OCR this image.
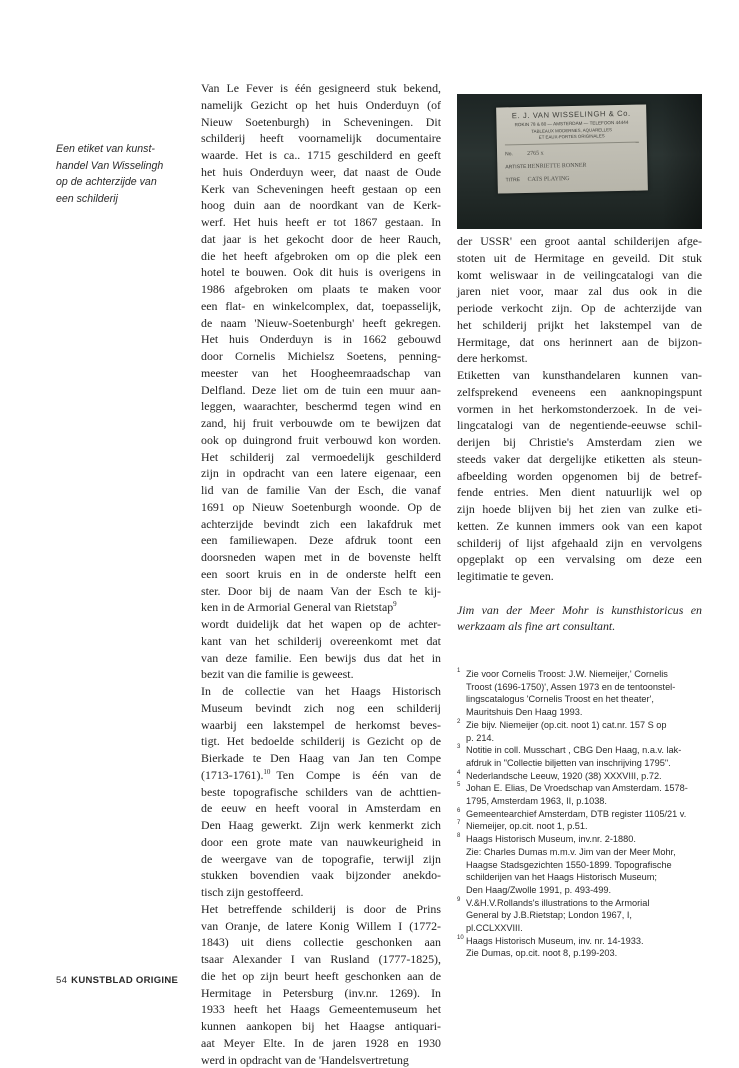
Een etiket van kunst-
handel Van Wisselingh
op de achterzijde van
een schilderij
Van Le Fever is één gesigneerd stuk bekend,
namelijk Gezicht op het huis Onderduyn (of
Nieuw Soetenburgh) in Scheveningen. Dit
schilderij heeft voornamelijk documentaire
waarde. Het is ca.. 1715 geschilderd en geeft
het huis Onderduyn weer, dat naast de Oude
Kerk van Scheveningen heeft gestaan op een
hoog duin aan de noordkant van de Kerk-
werf. Het huis heeft er tot 1867 gestaan. In
dat jaar is het gekocht door de heer Rauch,
die het heeft afgebroken om op die plek een
hotel te bouwen. Ook dit huis is overigens in
1986 afgebroken om plaats te maken voor
een flat- en winkelcomplex, dat, toepasselijk,
de naam 'Nieuw-Soetenburgh' heeft gekregen.
Het huis Onderduyn is in 1662 gebouwd
door Cornelis Michielsz Soetens, penning-
meester van het Hoogheemraadschap van
Delfland. Deze liet om de tuin een muur aan-
leggen, waarachter, beschermd tegen wind en
zand, hij fruit verbouwde om te bewijzen dat
ook op duingrond fruit verbouwd kon worden.
Het schilderij zal vermoedelijk geschilderd
zijn in opdracht van een latere eigenaar, een
lid van de familie Van der Esch, die vanaf
1691 op Nieuw Soetenburgh woonde. Op de
achterzijde bevindt zich een lakafdruk met
een familiewapen. Deze afdruk toont een
doorsneden wapen met in de bovenste helft
een soort kruis en in de onderste helft een
ster. Door bij de naam Van der Esch te kij-
ken in de Armorial General van Rietstap$^9$
wordt duidelijk dat het wapen op de achter-
kant van het schilderij overeenkomt met dat
van deze familie. Een bewijs dus dat het in
bezit van die familie is geweest.
In de collectie van het Haags Historisch
Museum bevindt zich nog een schilderij
waarbij een lakstempel de herkomst beves-
tigt. Het bedoelde schilderij is Gezicht op de
Bierkade te Den Haag van Jan ten Compe
(1713-1761).$^{10}$  Ten Compe is één van de
beste topografische schilders van de achttien-
de eeuw en heeft vooral in Amsterdam en
Den Haag gewerkt. Zijn werk kenmerkt zich
door een grote mate van nauwkeurigheid in
de weergave van de topografie, terwijl zijn
stukken bovendien vaak bijzonder anekdo-
tisch zijn gestoffeerd.
Het betreffende schilderij is door de Prins
van Oranje, de latere Konig Willem I (1772-
1843) uit diens collectie geschonken aan
tsaar Alexander I van Rusland (1777-1825),
die het op zijn beurt heeft geschonken aan de
Hermitage in Petersburg (inv.nr. 1269). In
1933 heeft het Haags Gemeentemuseum het
kunnen aankopen bij het Haagse antiquari-
aat Meyer Elte. In de jaren 1928 en 1930
werd in opdracht van de 'Handelsvertretung
E. J. VAN WISSELINGH & Co.
ROKIN 78 & 80 — AMSTERDAM — TELEFOON 44444
TABLEAUX MODERNES, AQUARELLES
ET EAUX-FORTES ORIGINALES
No. 2765 x
ARTISTEHENRIETTE RONNER
TITRE CATS PLAYING
der USSR' een groot aantal schilderijen afge-
stoten uit de Hermitage en geveild. Dit stuk
komt weliswaar in de veilingcatalogi van die
jaren niet voor, maar zal dus ook in die
periode verkocht zijn. Op de achterzijde van
het schilderij prijkt het lakstempel van de
Hermitage, dat ons herinnert aan de bijzon-
dere herkomst.
Etiketten van kunsthandelaren kunnen van-
zelfsprekend eveneens een aanknopingspunt
vormen in het herkomstonderzoek. In de vei-
lingcatalogi van de negentiende-eeuwse schil-
derijen bij Christie's Amsterdam zien we
steeds vaker dat dergelijke etiketten als steun-
afbeelding worden opgenomen bij de betref-
fende entries. Men dient natuurlijk wel op
zijn hoede blijven bij het zien van zulke eti-
ketten. Ze kunnen immers ook van een kapot
schilderij of lijst afgehaald zijn en vervolgens
opgeplakt op een vervalsing om deze een
legitimatie te geven.
Jim van der Meer Mohr is kunsthistoricus en
werkzaam als fine art consultant.
1 Zie voor Cornelis Troost: J.W. Niemeijer,' Cornelis
Troost (1696-1750)', Assen 1973 en de tentoonstel-
lingscatalogus 'Cornelis Troost en het theater',
Mauritshuis Den Haag 1993.
2 Zie bijv. Niemeijer (op.cit. noot 1) cat.nr. 157 S op
p. 214.
3 Notitie in coll. Musschart , CBG Den Haag, n.a.v. lak-
afdruk in "Collectie biljetten van inschrijving 1795".
4 Nederlandsche Leeuw, 1920 (38) XXXVIII, p.72.
5 Johan E. Elias, De Vroedschap van Amsterdam. 1578-
1795, Amsterdam 1963, II, p.1038.
6 Gemeentearchief Amsterdam, DTB register 1105/21 v.
7 Niemeijer, op.cit. noot 1, p.51.
8 Haags Historisch Museum, inv.nr. 2-1880.
Zie: Charles Dumas m.m.v. Jim van der Meer Mohr,
Haagse Stadsgezichten 1550-1899. Topografische
schilderijen van het Haags Historisch Museum;
Den Haag/Zwolle 1991, p. 493-499.
9 V.&H.V.Rollands's illustrations to the Armorial
General by J.B.Rietstap; London 1967, I,
pl.CCLXXVIII.
10 Haags Historisch Museum, inv. nr. 14-1933.
Zie Dumas, op.cit. noot 8, p.199-203.
54 KUNSTBLAD ORIGINE
